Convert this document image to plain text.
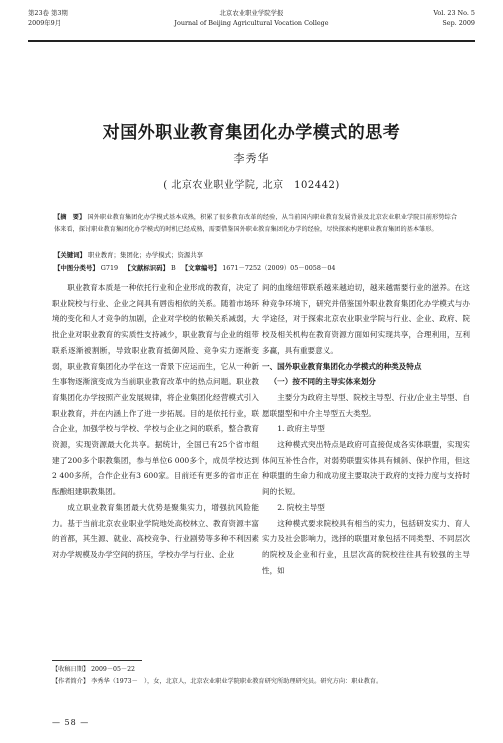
第23卷 第3期
2009年9月
北京农业职业学院学报
Journal of Beijing Agricultural Vocation College
Vol. 23 No. 5
Sep. 2009
对国外职业教育集团化办学模式的思考
李秀华
( 北京农业职业学院, 北京　102442)
【摘　要】 国外职业教育集团化办学模式基本成熟，积累了很多教育改革的经验，从当前国内职业教育发展背景及北京农业职业学院目前形势综合体来看，探讨职业教育集团化办学模式的时机已经成熟，需要借鉴国外职业教育集团化办学的经验，尽快探索构建职业教育集团的基本雏形。
【关键词】 职业教育；集团化；办学模式；资源共享
【中图分类号】 G719 【文献标识码】 B 【文章编号】 1671－7252（2009）05－0058－04

职业教育本质是一种依托行业和企业形成的教育，决定了职业院校与行业、企业之间具有唇齿相依的关系。随着市场环境的变化和人才竞争的加剧，企业对学校的依赖关系减弱，大批企业对职业教育的实质性支持减少，职业教育与企业的组带联系逐渐被割断，导致职业教育抵御风险、竞争实力逐渐变弱，职业教育集团化办学在这一背景下应运而生，它从一种新生事物逐渐演变成为当前职业教育改革中的热点问题。职业教育集团化办学按照产业发展规律，将企业集团化经营模式引入职业教育，并在内涵上作了进一步拓展。目的是依托行业，联合企业，加强学校与学校、学校与企业之间的联系，整合教育资源，实现资源最大化共享。据统计，全国已有25个省市组建了200多个职教集团，参与单位6 000多个，成员学校达到2 400多所，合作企业有3 600家。目前还有更多的省市正在酝酿组建职教集团。

成立职业教育集团最大优势是聚集实力，增强抗风险能力。基于当前北京农业职业学院地处高校林立、教育资源丰富的首都，其生源、就业、高校竞争、行业剧势等多种不利因素对办学规模及办学空间的挤压，学校办学与行业、企业

间的血缘纽带联系越来越迫切，越来越需要行业的滋养。在这种竞争环境下，研究并借鉴国外职业教育集团化办学模式与办学途径，对于探索北京农业职业学院与行业、企业、政府、院校及相关机构在教育资源方面如何实现共享，合理利用，互利多赢，具有重要意义。

一、国外职业教育集团化办学模式的种类及特点

（一）按不同的主导实体来划分

主要分为政府主导型、院校主导型、行业/企业主导型、自愿联盟型和中介主导型五大类型。

1. 政府主导型

这种模式突出特点是政府可直接促成各实体联盟，实现实体间互补性合作，对弱势联盟实体具有倾斜、保护作用，但这种联盟的生命力和成功度主要取决于政府的支持力度与支持时间的长短。

2. 院校主导型

这种模式要求院校具有相当的实力，包括研发实力、育人实力及社会影响力，选择的联盟对象包括不同类型、不同层次的院校及企业和行业，且层次高的院校往往具有较强的主导性，如

【收稿日期】 2009－05－22
【作者简介】 李秀华（1973－　），女，北京人，北京农业职业学院职业教育研究所助理研究员。研究方向：职业教育。
— 58 —
